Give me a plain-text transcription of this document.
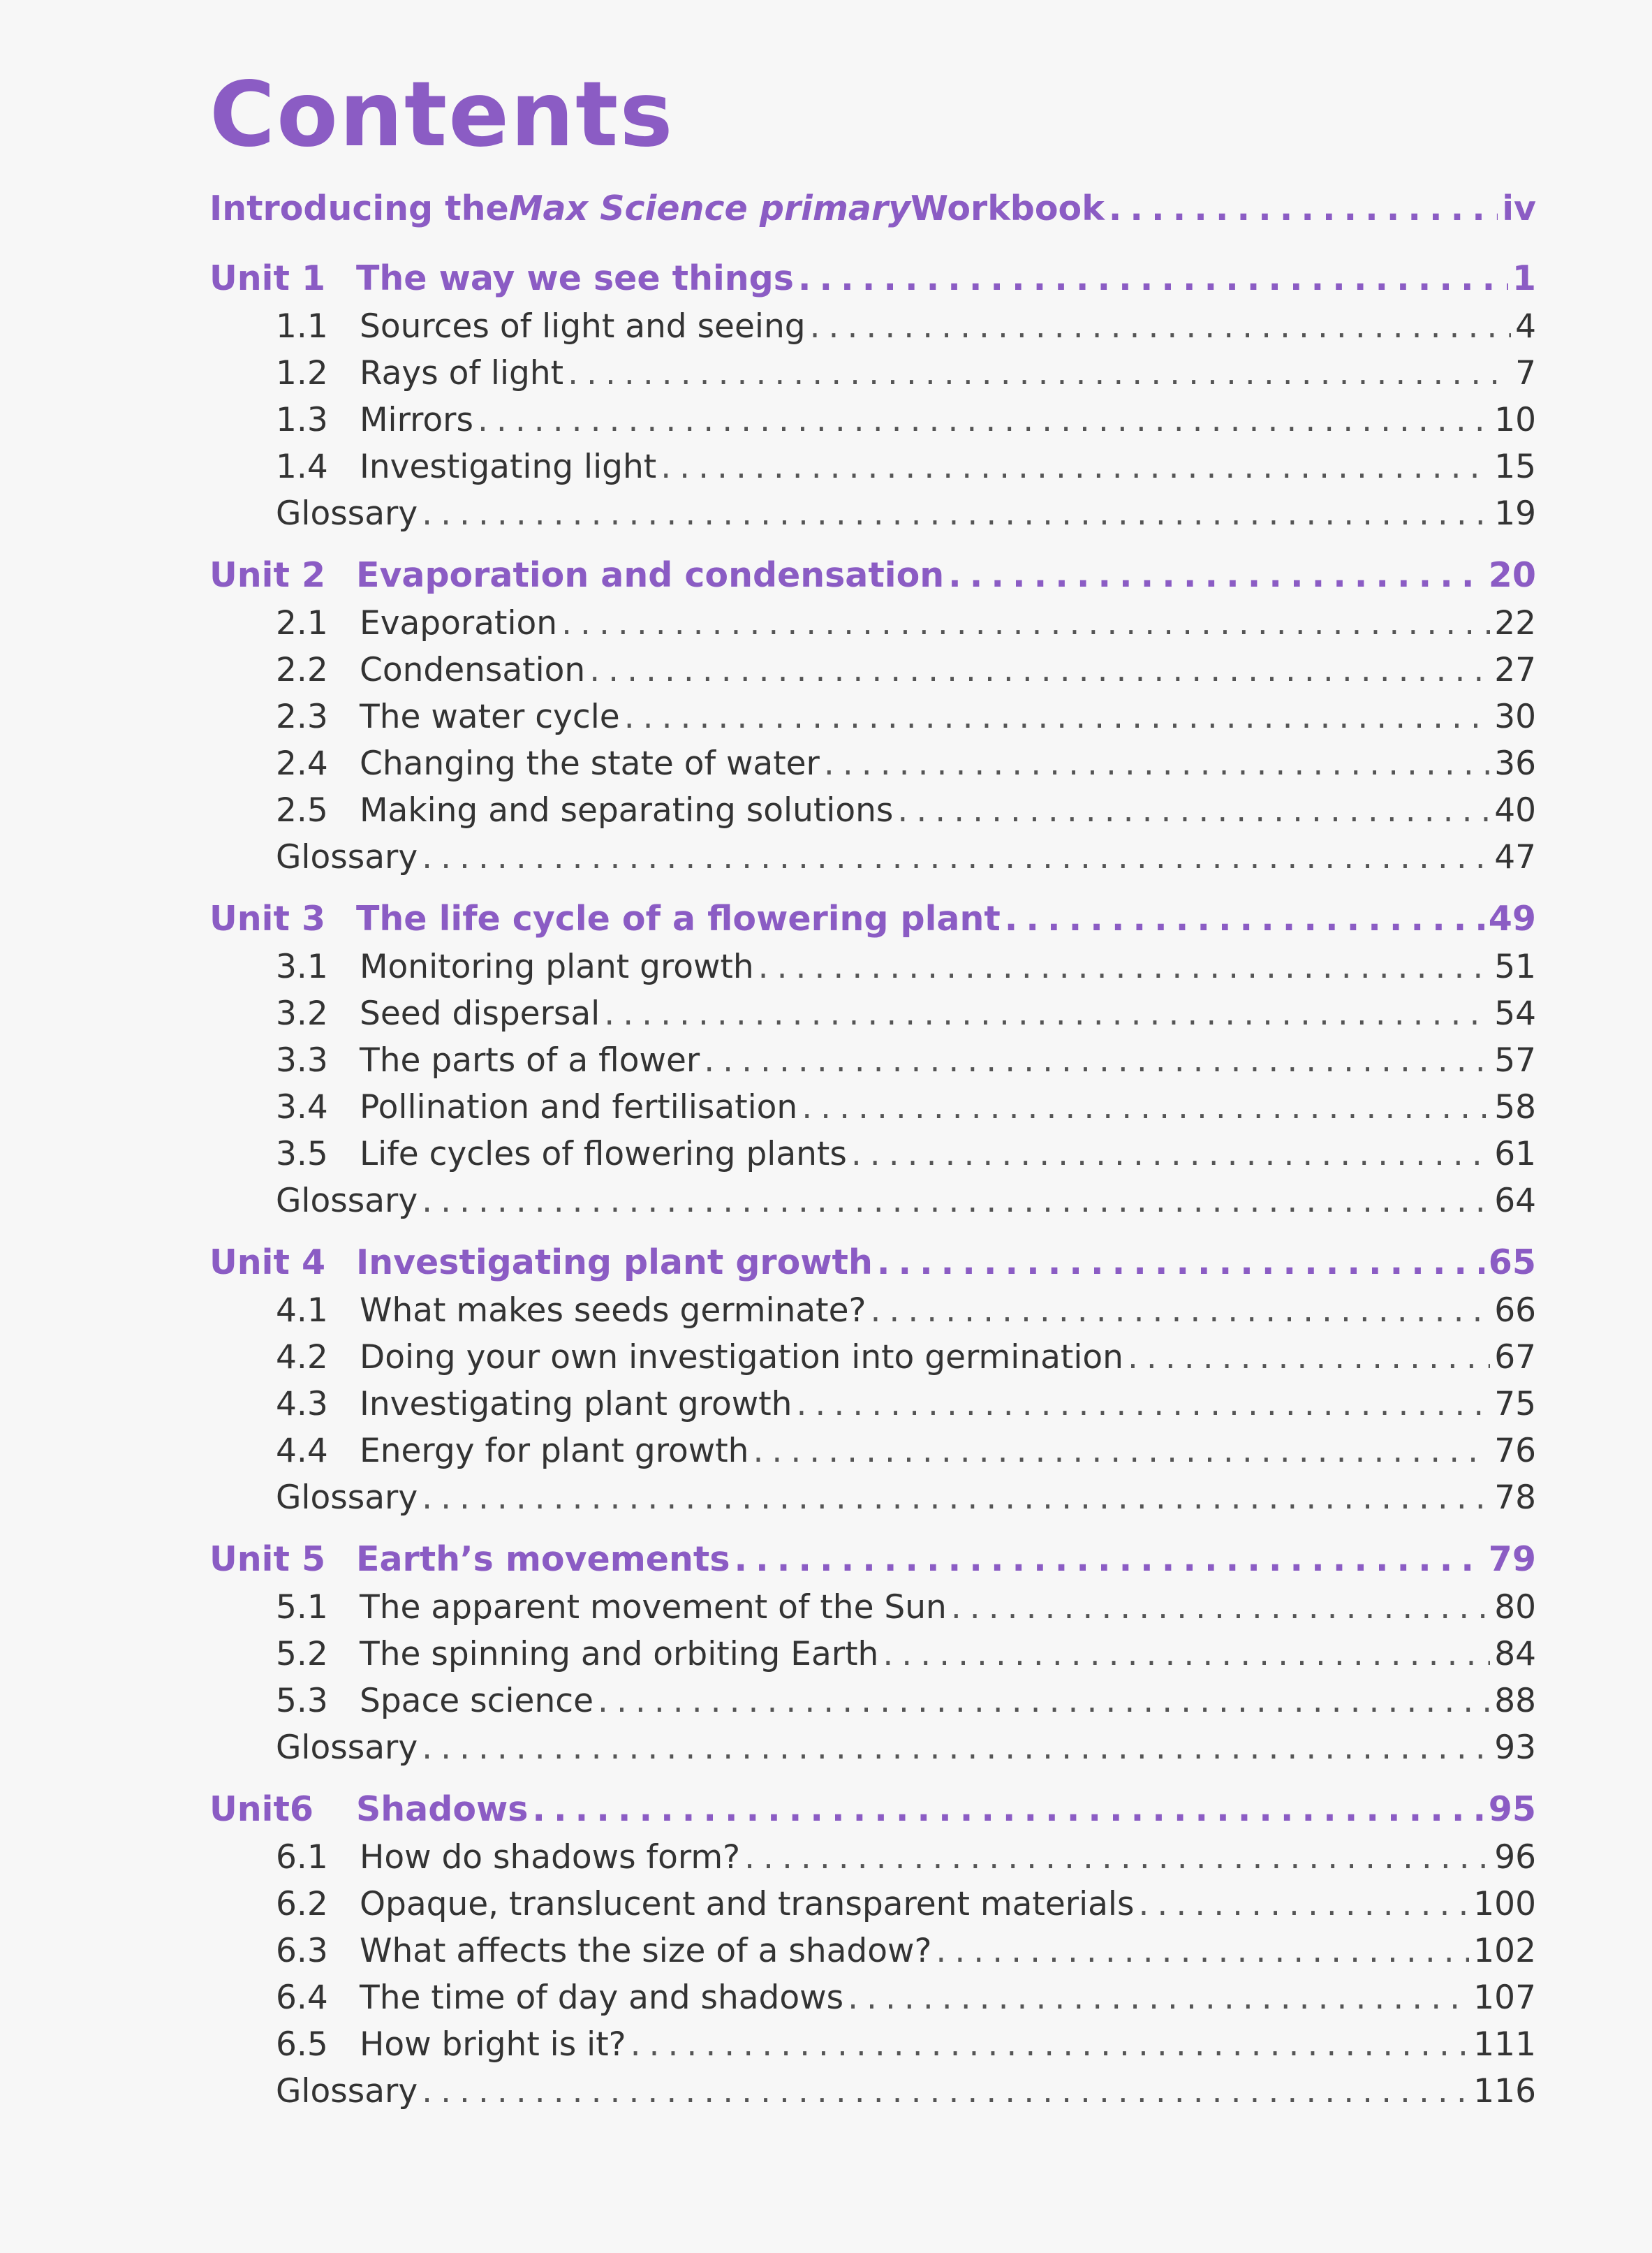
Contents
Introducing the Max Science primary Workbook .....	iv
Unit 1 The way we see things .....	1
1.1 Sources of light and seeing .....	4
1.2 Rays of light .....	7
1.3 Mirrors .....	10
1.4 Investigating light .....	15
Glossary .....	19
Unit 2 Evaporation and condensation .....	20
2.1 Evaporation .....	22
2.2 Condensation .....	27
2.3 The water cycle .....	30
2.4 Changing the state of water .....	36
2.5 Making and separating solutions .....	40
Glossary .....	47
Unit 3 The life cycle of a flowering plant .....	49
3.1 Monitoring plant growth .....	51
3.2 Seed dispersal .....	54
3.3 The parts of a flower .....	57
3.4 Pollination and fertilisation .....	58
3.5 Life cycles of flowering plants .....	61
Glossary .....	64
Unit 4 Investigating plant growth .....	65
4.1 What makes seeds germinate? .....	66
4.2 Doing your own investigation into germination .....	67
4.3 Investigating plant growth .....	75
4.4 Energy for plant growth .....	76
Glossary .....	78
Unit 5 Earth’s movements .....	79
5.1 The apparent movement of the Sun .....	80
5.2 The spinning and orbiting Earth .....	84
5.3 Space science .....	88
Glossary .....	93
Unit6	Shadows .....	95
6.1 How do shadows form? .....	96
6.2 Opaque, translucent and transparent materials .....	100
6.3 What affects the size of a shadow? .....	102
6.4 The time of day and shadows .....	107
6.5 How bright is it? .....	111
Glossary .....	116
